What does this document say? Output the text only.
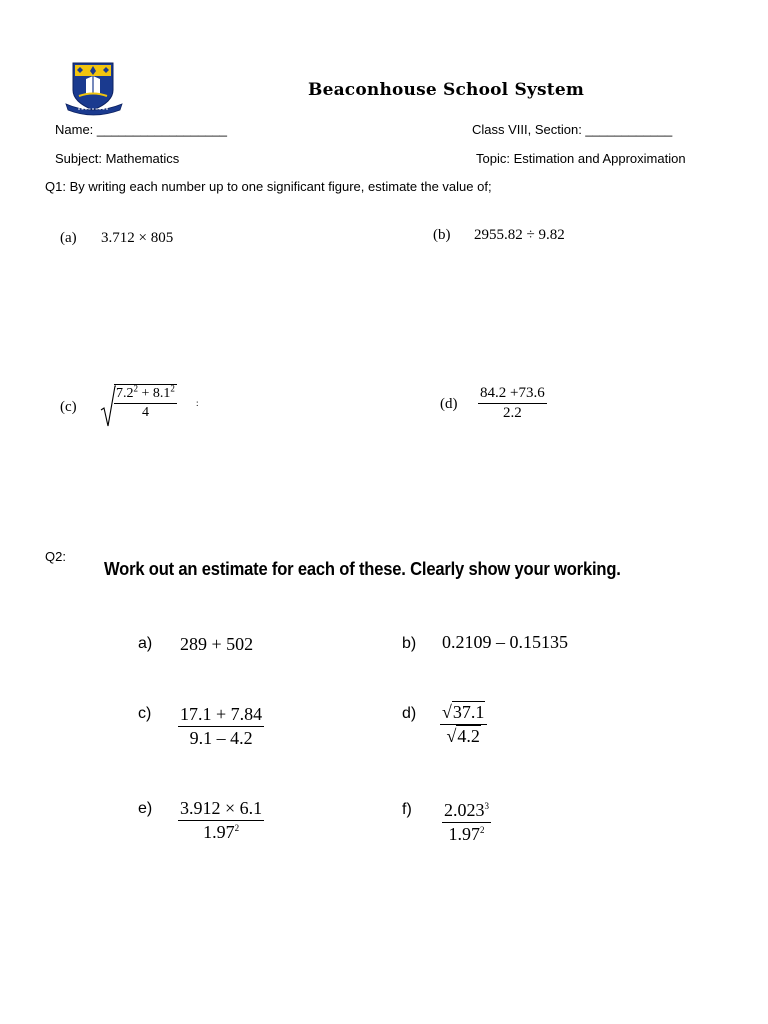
Beaconhouse School System
Name: __________________	Class VIII, Section: ____________
Subject: Mathematics	Topic: Estimation and Approximation
Q1: By writing each number up to one significant figure, estimate the value of;
(a) 3.712 × 805	(b) 2955.82 ÷ 9.82
(c)	$\frac{7.2^2 + 8.1^2}{4}$ :	$(d) \frac{84.2 +73.6}{2.2}$
Q2:
Work out an estimate for each of these. Clearly show your working.
a) 289 + 502	b) 0.2109 – 0.15135
$c) \frac{17.1 + 7.84}{9.1 - 4.2}$	$d) \frac{√37.1}{√4.2}$
$e) \frac{3.912 \times 6.1}{1.97^2}$	$f) \frac{2.023^3}{1.97^2}$
